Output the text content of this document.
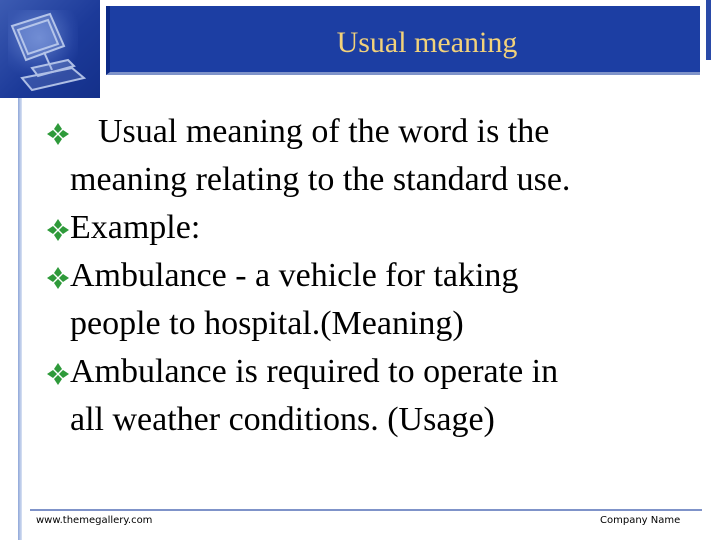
Usual meaning
Usual meaning of the word is the
meaning relating to the standard use.
Example:
Ambulance - a vehicle for taking
people to hospital.(Meaning)
Ambulance is required to operate in
all weather conditions. (Usage)
www.themegallery.com	Company Name
